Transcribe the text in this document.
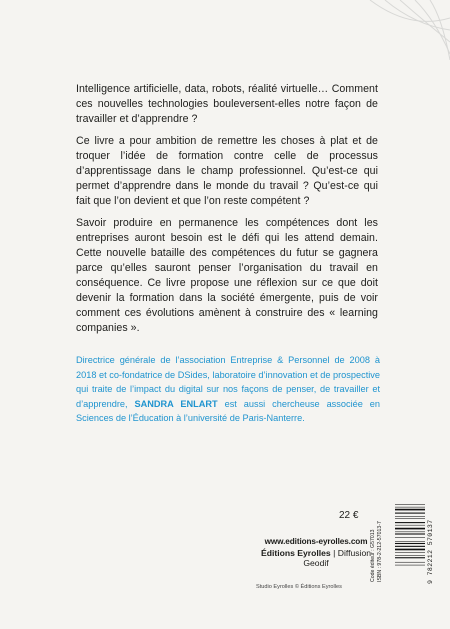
Intelligence artificielle, data, robots, réalité virtuelle… Comment ces nouvelles technologies bouleversent-elles notre façon de travailler et d’apprendre ?

Ce livre a pour ambition de remettre les choses à plat et de troquer l’idée de formation contre celle de processus d’apprentissage dans le champ professionnel. Qu’est-ce qui permet d’apprendre dans le monde du travail ? Qu’est-ce qui fait que l’on devient et que l’on reste compétent ?

Savoir produire en permanence les compétences dont les entreprises auront besoin est le défi qui les attend demain. Cette nouvelle bataille des compétences du futur se gagnera parce qu’elles sauront penser l’organisation du travail en conséquence. Ce livre propose une réflexion sur ce que doit devenir la formation dans la société émergente, puis de voir comment ces évolutions amènent à construire des « learning companies ».

Directrice générale de l’association Entreprise & Personnel de 2008 à 2018 et co-fondatrice de DSides, laboratoire d’innovation et de prospective qui traite de l’impact du digital sur nos façons de penser, de travailler et d’apprendre, SANDRA ENLART est aussi chercheuse associée en Sciences de l’Éducation à l’université de Paris-Nanterre.
22 €
www.editions-eyrolles.com
Éditions Eyrolles | Diffusion Geodif
Studio Eyrolles © Éditions Eyrolles
Code éditeur : G57013 ISBN : 978-2-212-57013-7	9 782212 570137
